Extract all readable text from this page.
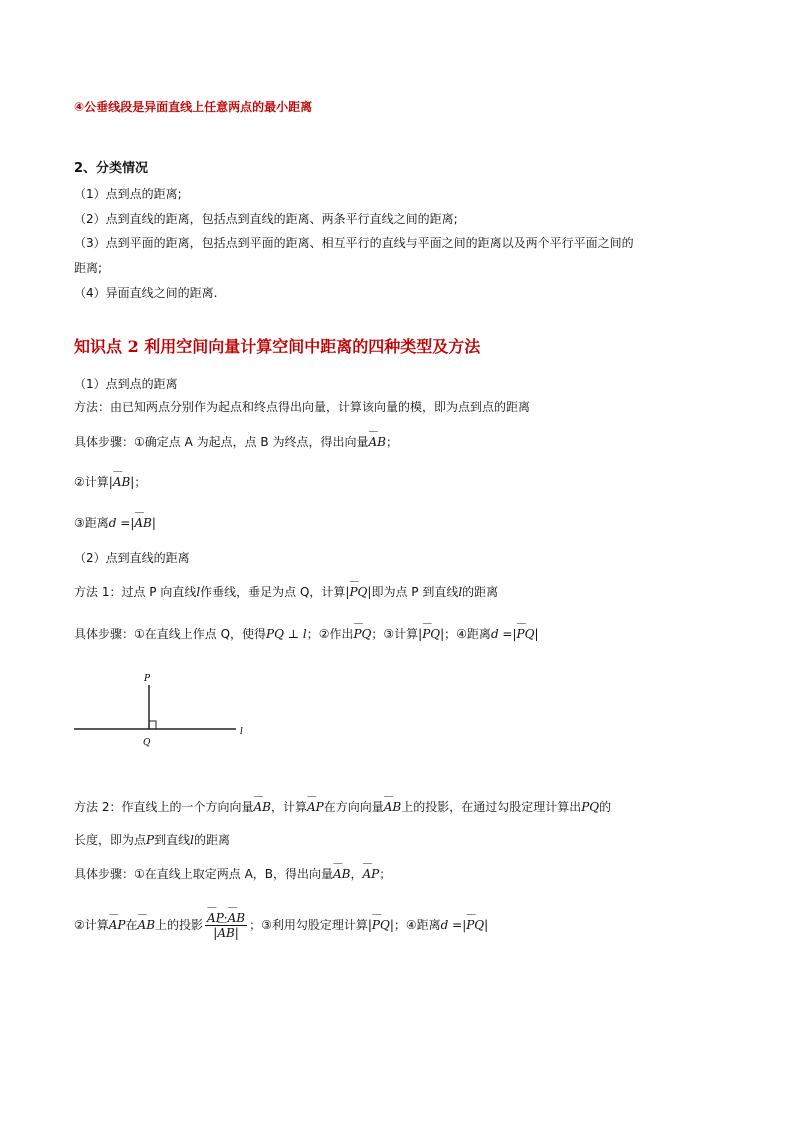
④公垂线段是异面直线上任意两点的最小距离
2、分类情况
（1）点到点的距离;
（2）点到直线的距离，包括点到直线的距离、两条平行直线之间的距离;
（3）点到平面的距离，包括点到平面的距离、相互平行的直线与平面之间的距离以及两个平行平面之间的
距离;
（4）异面直线之间的距离.
知识点 2 利用空间向量计算空间中距离的四种类型及方法
（1）点到点的距离
方法：由已知两点分别作为起点和终点得出向量，计算该向量的模，即为点到点的距离
具体步骤：①确定点 A 为起点，点 B 为终点，得出向量⌣⌣⌣ AB；
②计算|⌣⌣⌣ AB|；
③距离d =|⌣⌣⌣ AB|
（2）点到直线的距离
方法 1：过点 P 向直线l作垂线，垂足为点 Q，计算|⌣⌣⌣ PQ|即为点 P 到直线l的距离
具体步骤：①在直线上作点 Q，使得PQ ⊥ l；②作出⌣⌣⌣ PQ；③计算|⌣⌣⌣ PQ|；④距离d =|⌣⌣⌣ PQ|
P
Q
l
方法 2：作直线上的一个方向向量⌣⌣⌣ AB，计算⌣⌣⌣ AP在方向向量⌣⌣⌣ AB上的投影，在通过勾股定理计算出PQ的
长度，即为点P到直线l的距离
具体步骤：①在直线上取定两点 A，B，得出向量⌣⌣⌣ AB，⌣⌣⌣ AP；
②计算⌣⌣⌣ AP在⌣⌣⌣ AB上的投影
⌣⌣⌣ $\frac{AP\cdot⌣⌣⌣ AB}{|⌣⌣⌣ AB|}$ ；③利用勾股定理计算|⌣⌣⌣ PQ|；④距离d =|⌣⌣⌣ PQ|
